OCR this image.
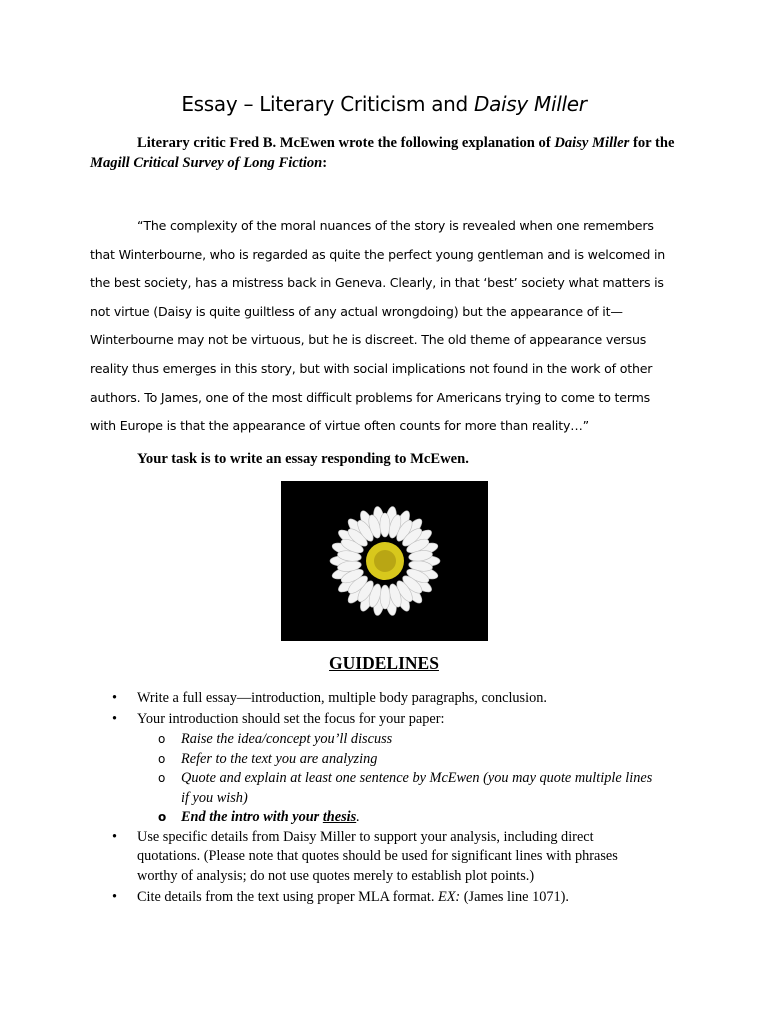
Essay – Literary Criticism and Daisy Miller
Literary critic Fred B. McEwen wrote the following explanation of Daisy Miller for the Magill Critical Survey of Long Fiction:
“The complexity of the moral nuances of the story is revealed when one remembers
that Winterbourne, who is regarded as quite the perfect young gentleman and is welcomed in
the best society, has a mistress back in Geneva. Clearly, in that ‘best’ society what matters is
not virtue (Daisy is quite guiltless of any actual wrongdoing) but the appearance of it—
Winterbourne may not be virtuous, but he is discreet. The old theme of appearance versus
reality thus emerges in this story, but with social implications not found in the work of other
authors. To James, one of the most difficult problems for Americans trying to come to terms
with Europe is that the appearance of virtue often counts for more than reality…”
Your task is to write an essay responding to McEwen.
GUIDELINES
• Write a full essay—introduction, multiple body paragraphs, conclusion.
• Your introduction should set the focus for your paper:
o Raise the idea/concept you’ll discuss
o Refer to the text you are analyzing
o Quote and explain at least one sentence by McEwen (you may quote multiple lines
if you wish)
o End the intro with your thesis.
• Use specific details from Daisy Miller to support your analysis, including direct
quotations. (Please note that quotes should be used for significant lines with phrases
worthy of analysis; do not use quotes merely to establish plot points.)
• Cite details from the text using proper MLA format. EX: (James line 1071).
